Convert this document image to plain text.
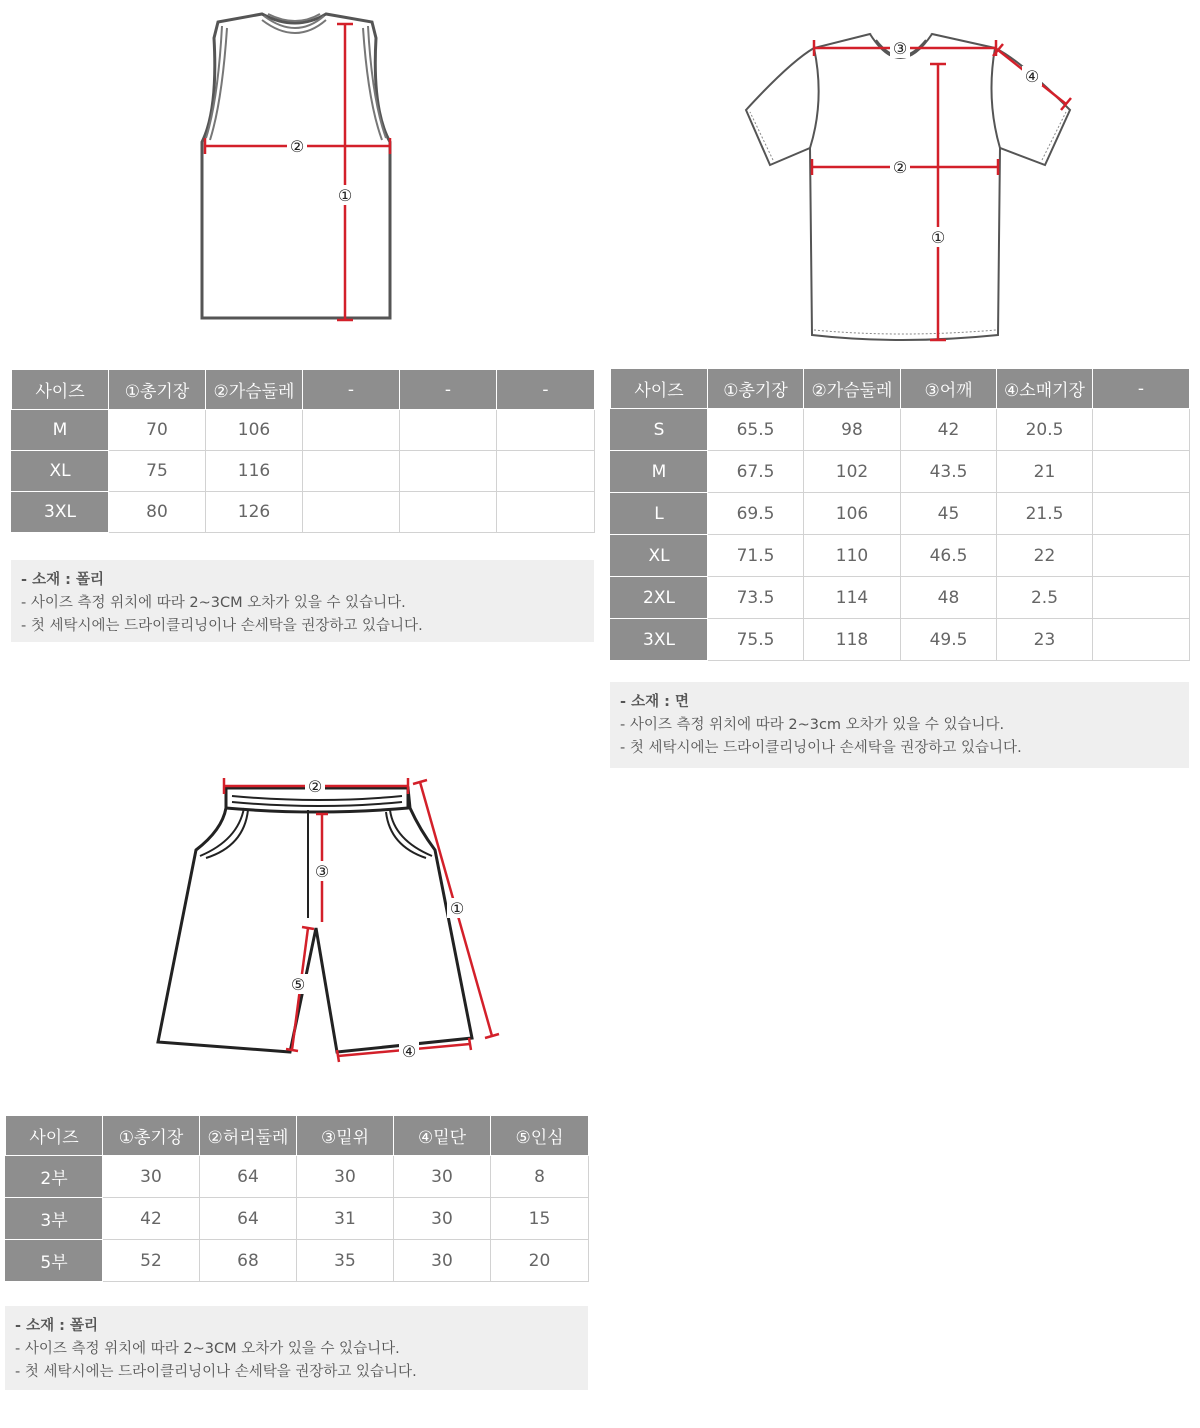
②
①
③
④
②
①
②
③
①
⑤
④
사이즈	①총기장	②가슴둘레	-	-	-
M	70	106			
XL	75	116			
3XL	80	126			
- 소재 : 폴리
- 사이즈 측정 위치에 따라 2~3CM 오차가 있을 수 있습니다.
- 첫 세탁시에는 드라이클리닝이나 손세탁을 권장하고 있습니다.
사이즈	①총기장	②가슴둘레	③어깨	④소매기장	-
S	65.5	98	42	20.5	
M	67.5	102	43.5	21	
L	69.5	106	45	21.5	
XL	71.5	110	46.5	22	
2XL	73.5	114	48	2.5	
3XL	75.5	118	49.5	23	
- 소재 : 면
- 사이즈 측정 위치에 따라 2~3cm 오차가 있을 수 있습니다.
- 첫 세탁시에는 드라이클리닝이나 손세탁을 권장하고 있습니다.
사이즈	①총기장	②허리둘레	③밑위	④밑단	⑤인심
2부	30	64	30	30	8
3부	42	64	31	30	15
5부	52	68	35	30	20
- 소재 : 폴리
- 사이즈 측정 위치에 따라 2~3CM 오차가 있을 수 있습니다.
- 첫 세탁시에는 드라이클리닝이나 손세탁을 권장하고 있습니다.
